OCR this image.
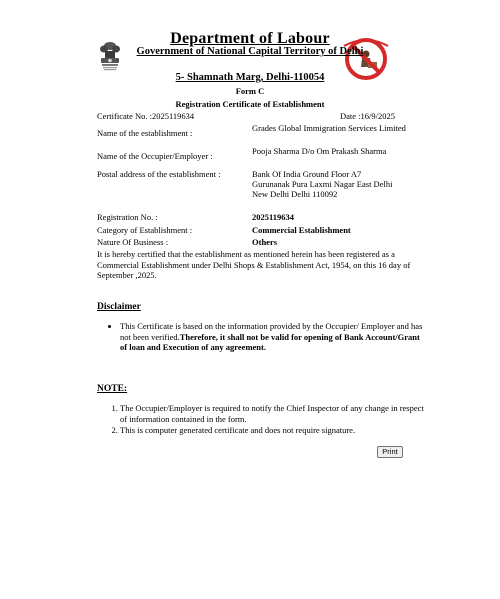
Department of Labour
Government of National Capital Territory of Delhi
5- Shamnath Marg, Delhi-110054
Form C
Registration Certificate of Establishment
Certificate No. :2025119634	Date :16/9/2025
Name of the establishment :	Grades Global Immigration Services Limited
Name of the Occupier/Employer :	Pooja Sharma D/o Om Prakash Sharma
Postal address of the establishment :	Bank Of India Ground Floor A7 Gurunanak Pura Laxmi Nagar East Delhi New Delhi Delhi 110092
Registration No. :	2025119634
Category of Establishment :	Commercial Establishment
Nature Of Business :	Others
It is hereby certified that the establishment as mentioned herein has been registered as a Commercial Establishment under Delhi Shops & Establishment Act, 1954, on this 16 day of September ,2025.
Disclaimer
• This Certificate is based on the information provided by the Occupier/ Employer and has not been verified.Therefore, it shall not be valid for opening of Bank Account/Grant of loan and Execution of any agreement.
NOTE:
1. The Occupier/Employer is required to notify the Chief Inspector of any change in respect of information contained in the form.
2. This is computer generated certificate and does not require signature.
Print
